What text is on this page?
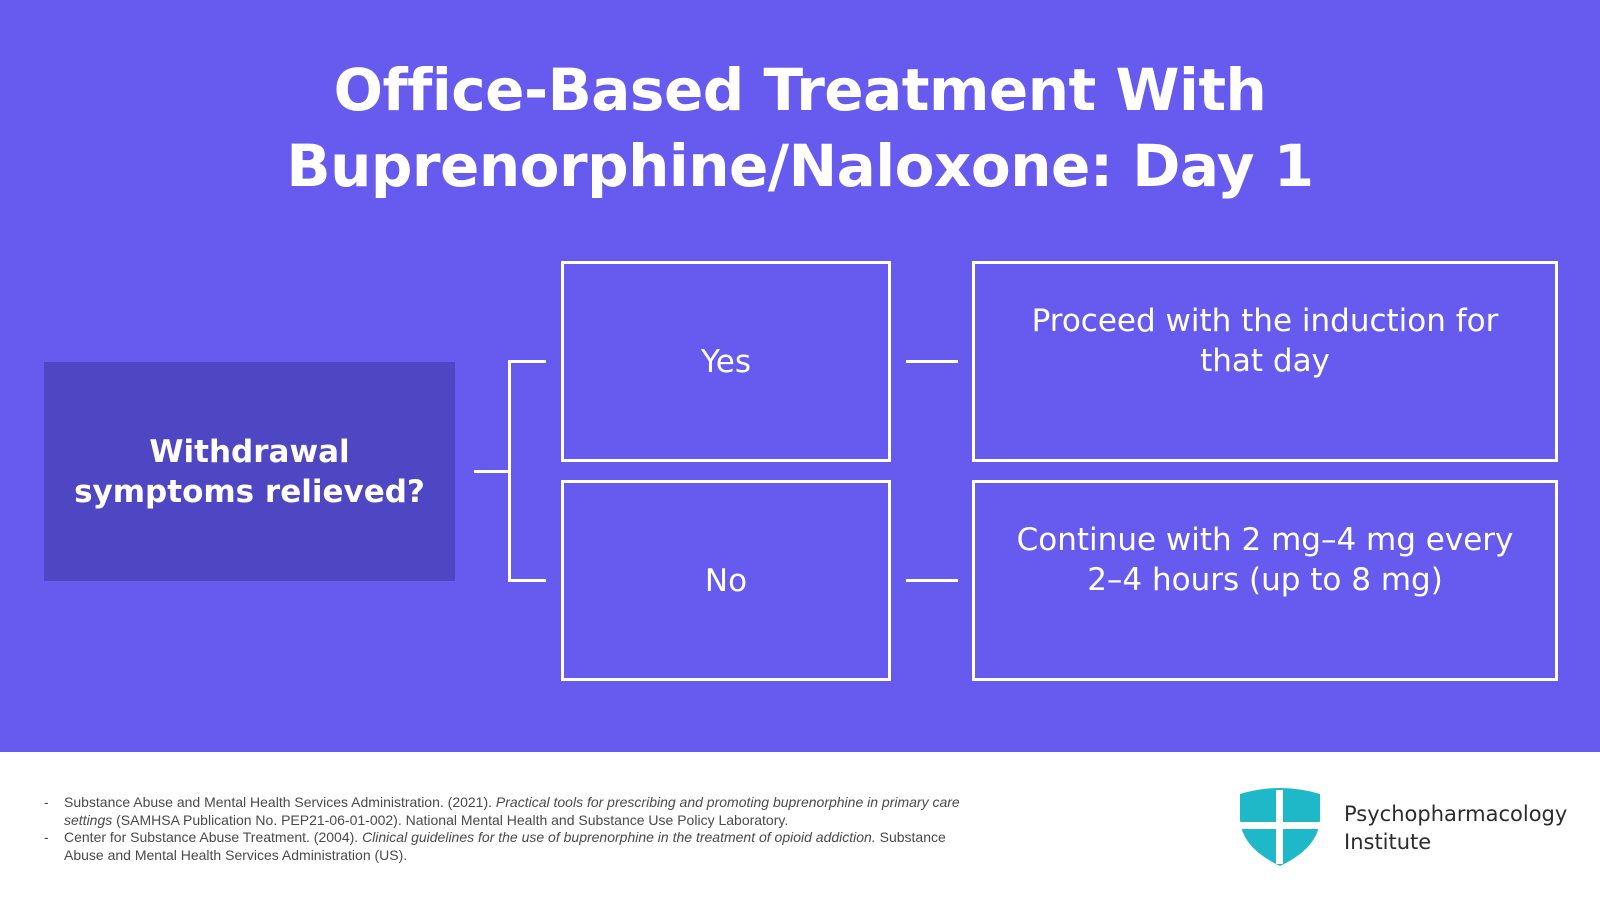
Office-Based Treatment With
Buprenorphine/Naloxone: Day 1
Withdrawal symptoms relieved?
Yes
No
Proceed with the induction for that day
Continue with 2 mg–4 mg every 2–4 hours (up to 8 mg)
- Substance Abuse and Mental Health Services Administration. (2021). Practical tools for prescribing and promoting buprenorphine in primary care settings (SAMHSA Publication No. PEP21-06-01-002). National Mental Health and Substance Use Policy Laboratory.
- Center for Substance Abuse Treatment. (2004). Clinical guidelines for the use of buprenorphine in the treatment of opioid addiction. Substance Abuse and Mental Health Services Administration (US).
Psychopharmacology
Institute
